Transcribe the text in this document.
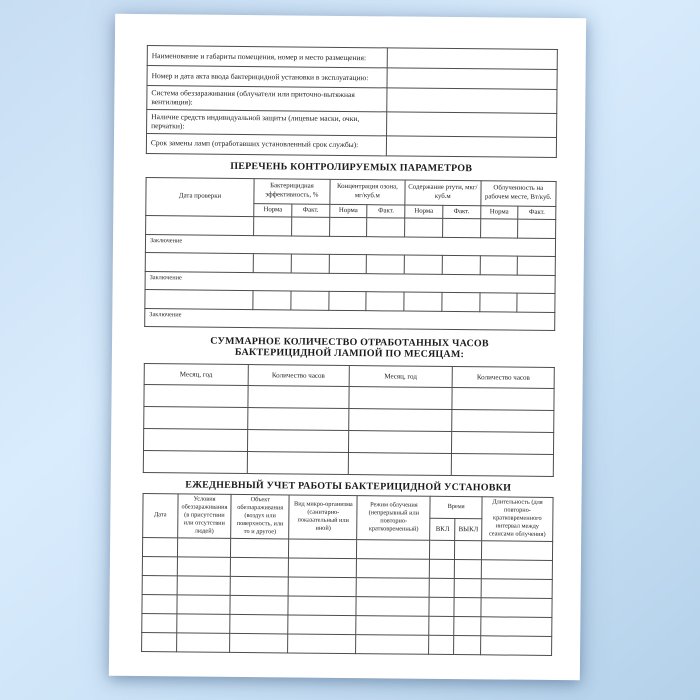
Наименование и габариты помещения, номер и место размещения:	
Номер и дата акта ввода бактерицидной установки в эксплуатацию:	
Система обеззараживания (облучатели или приточно-вытяжная вентиляция):	
Наличие средств индивидуальной защиты (лицевые маски, очки, перчатки):	
Срок замены ламп (отработавших установленный срок службы):	
ПЕРЕЧЕНЬ КОНТРОЛИРУЕМЫХ ПАРАМЕТРОВ
Дата проверки	Бактерицидная эффективность, %		Концентрация озона, мг/куб.м		Содержание ртути, мкг/куб.м		Облученность на рабочем месте, Вт/куб.	
	Норма	Факт.	Норма	Факт.	Норма	Факт.	Норма	Факт.

Заключение								

Заключение								

Заключение								
СУММАРНОЕ КОЛИЧЕСТВО ОТРАБОТАННЫХ ЧАСОВ
БАКТЕРИЦИДНОЙ ЛАМПОЙ ПО МЕСЯЦАМ:
Месяц, год	Количество часов	Месяц, год	Количество часов

ЕЖЕДНЕВНЫЙ УЧЕТ РАБОТЫ БАКТЕРИЦИДНОЙ УСТАНОВКИ
Дата	Условия обеззараживания (в присутствии или отсутствии людей)	Объект обеззараживания (воздух или поверхность, или то и другое)	Вид микро-организма (санитарно-показательный или иной)	Режим облучения (непрерывный или повторно-кратковременный)	Время		Длительность (для повторно-кратковременного интервал между сеансами облучения)
					ВКЛ	ВЫКЛ	
